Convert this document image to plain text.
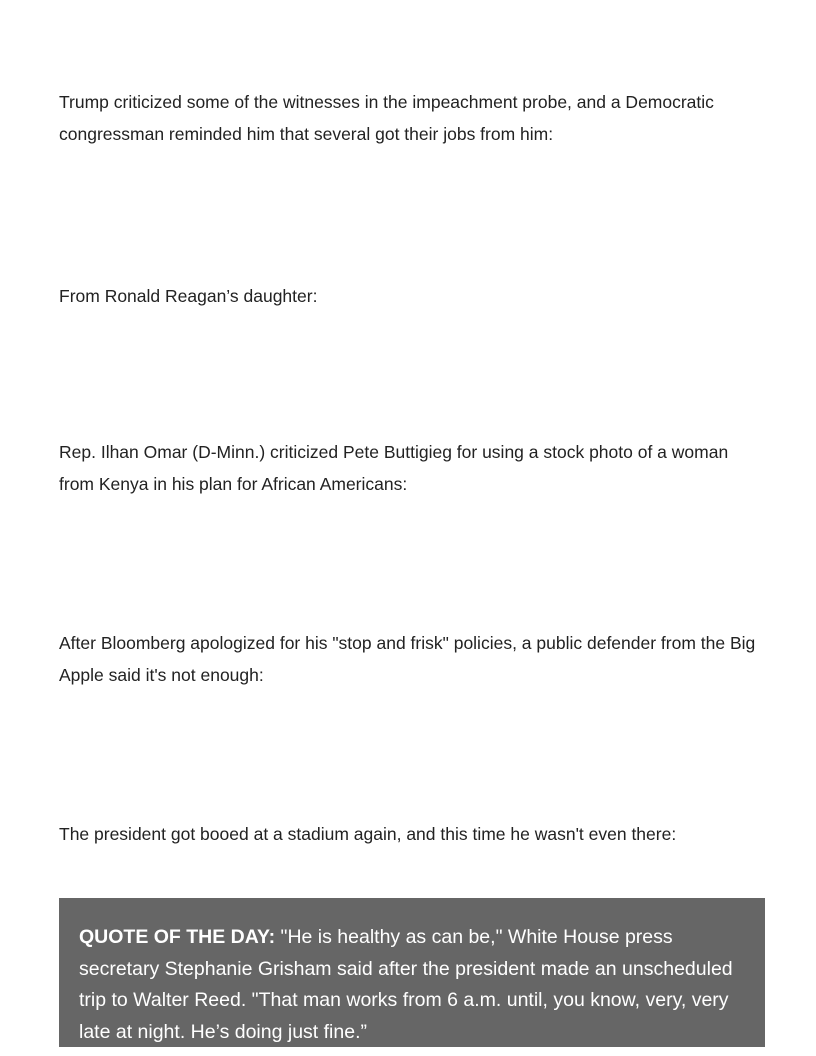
Trump criticized some of the witnesses in the impeachment probe, and a Democratic congressman reminded him that several got their jobs from him:

From Ronald Reagan’s daughter:

Rep. Ilhan Omar (D-Minn.) criticized Pete Buttigieg for using a stock photo of a woman from Kenya in his plan for African Americans:

After Bloomberg apologized for his "stop and frisk" policies, a public defender from the Big Apple said it's not enough:

The president got booed at a stadium again, and this time he wasn't even there:

QUOTE OF THE DAY: "He is healthy as can be," White House press secretary Stephanie Grisham said after the president made an unscheduled trip to Walter Reed. "That man works from 6 a.m. until, you know, very, very late at night. He’s doing just fine.”
